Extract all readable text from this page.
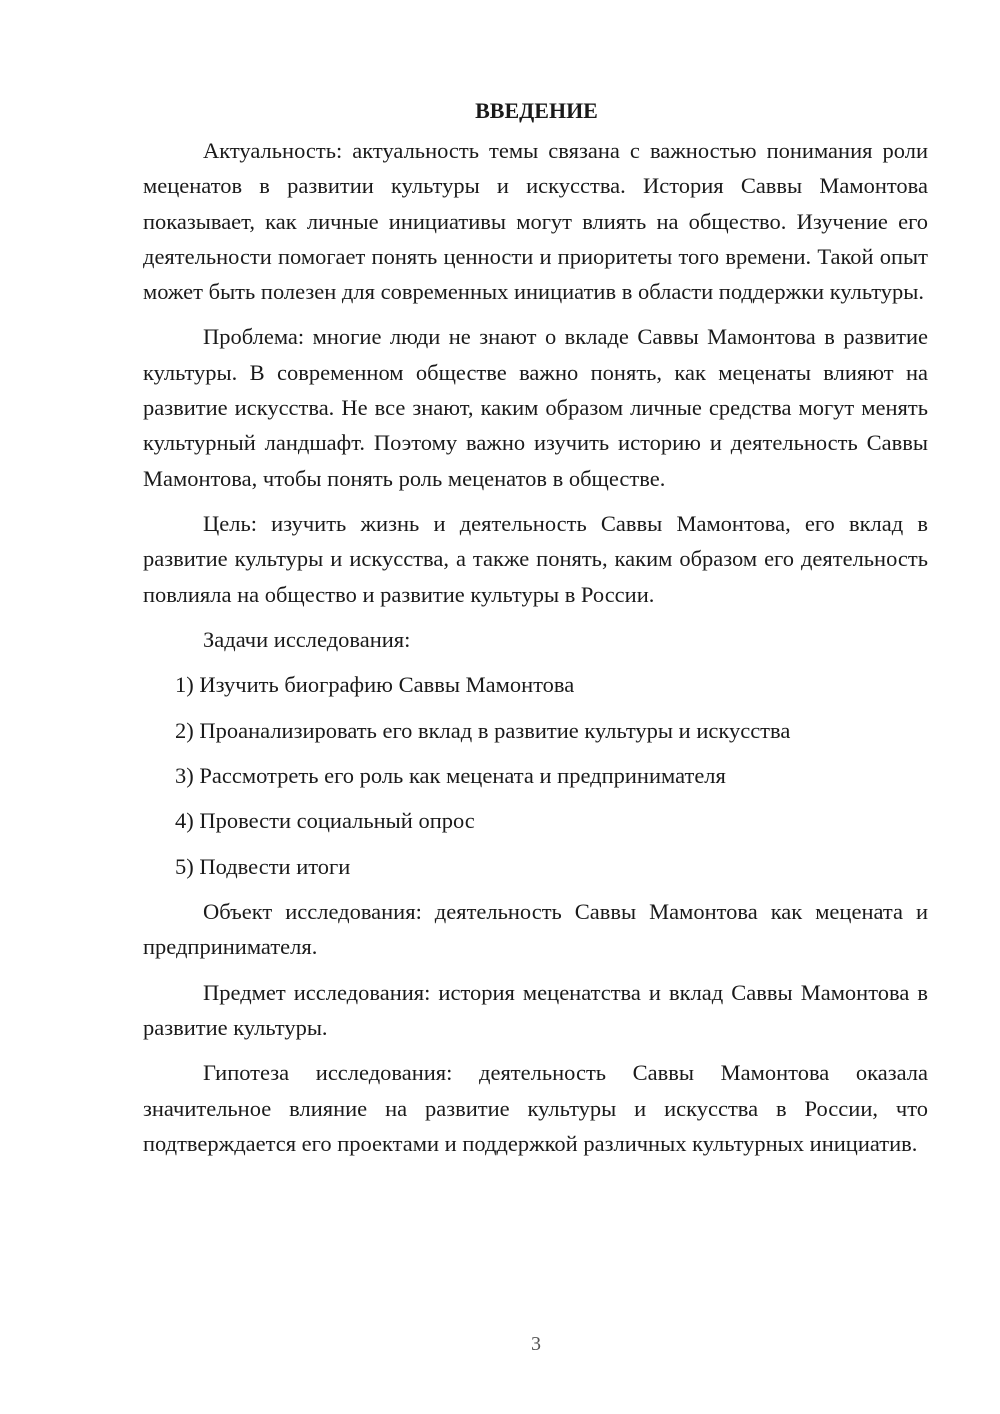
ВВЕДЕНИЕ

Актуальность: актуальность темы связана с важностью понимания роли меценатов в развитии культуры и искусства. История Саввы Мамонтова показывает, как личные инициативы могут влиять на общество. Изучение его деятельности помогает понять ценности и приоритеты того времени. Такой опыт может быть полезен для современных инициатив в области поддержки культуры.

Проблема: многие люди не знают о вкладе Саввы Мамонтова в развитие культуры. В современном обществе важно понять, как меценаты влияют на развитие искусства. Не все знают, каким образом личные средства могут менять культурный ландшафт. Поэтому важно изучить историю и деятельность Саввы Мамонтова, чтобы понять роль меценатов в обществе.

Цель: изучить жизнь и деятельность Саввы Мамонтова, его вклад в развитие культуры и искусства, а также понять, каким образом его деятельность повлияла на общество и развитие культуры в России.

Задачи исследования:

1) Изучить биографию Саввы Мамонтова
2) Проанализировать его вклад в развитие культуры и искусства
3) Рассмотреть его роль как мецената и предпринимателя
4) Провести социальный опрос
5) Подвести итоги

Объект исследования: деятельность Саввы Мамонтова как мецената и предпринимателя.

Предмет исследования: история меценатства и вклад Саввы Мамонтова в развитие культуры.

Гипотеза исследования: деятельность Саввы Мамонтова оказала значительное влияние на развитие культуры и искусства в России, что подтверждается его проектами и поддержкой различных культурных инициатив.

3
